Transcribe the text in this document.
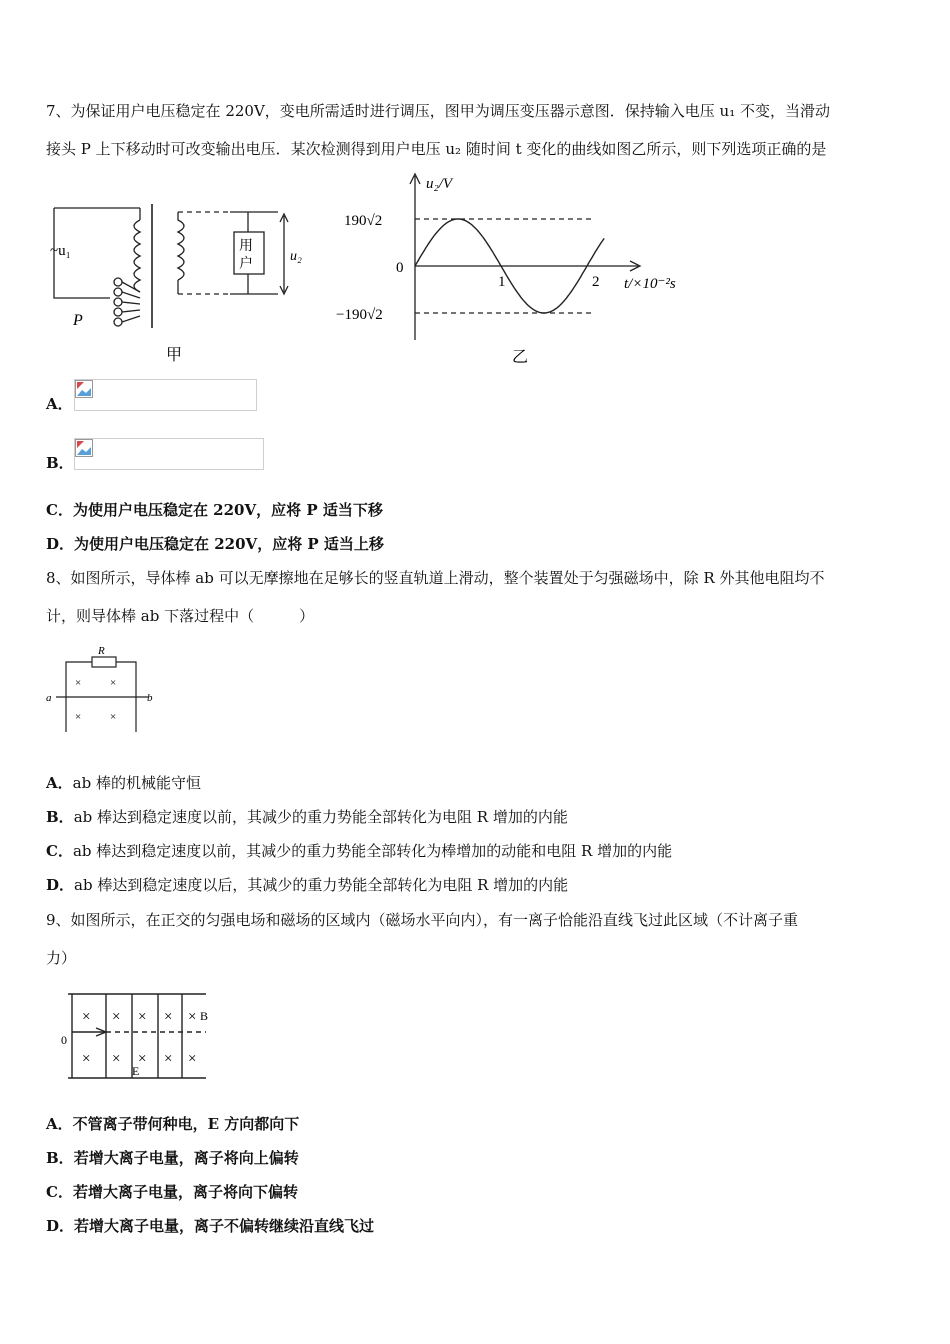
7、为保证用户电压稳定在 220V，变电所需适时进行调压，图甲为调压变压器示意图．保持输入电压 u₁ 不变，当滑动
接头 P 上下移动时可改变输出电压．某次检测得到用户电压 u₂ 随时间 t 变化的曲线如图乙所示，则下列选项正确的是
~u₁
P
用
户
u₂
甲
u₂/V
190√2
0
−190√2
1	2 t/×10⁻²s
乙
A．
B．
C．为使用户电压稳定在 220V，应将 P 适当下移
D．为使用户电压稳定在 220V，应将 P 适当上移
8、如图所示，导体棒 ab 可以无摩擦地在足够长的竖直轨道上滑动，整个装置处于匀强磁场中，除 R 外其他电阻均不
计，则导体棒 ab 下落过程中（　　　）
R
a	b
×	×
×	×
A．ab 棒的机械能守恒
B．ab 棒达到稳定速度以前，其减少的重力势能全部转化为电阻 R 增加的内能
C．ab 棒达到稳定速度以前，其减少的重力势能全部转化为棒增加的动能和电阻 R 增加的内能
D．ab 棒达到稳定速度以后，其减少的重力势能全部转化为电阻 R 增加的内能
9、如图所示，在正交的匀强电场和磁场的区域内（磁场水平向内），有一离子恰能沿直线飞过此区域（不计离子重
力）
× × × × × B
× × × × ×
0
E
A．不管离子带何种电，E 方向都向下
B．若增大离子电量，离子将向上偏转
C．若增大离子电量，离子将向下偏转
D．若增大离子电量，离子不偏转继续沿直线飞过
